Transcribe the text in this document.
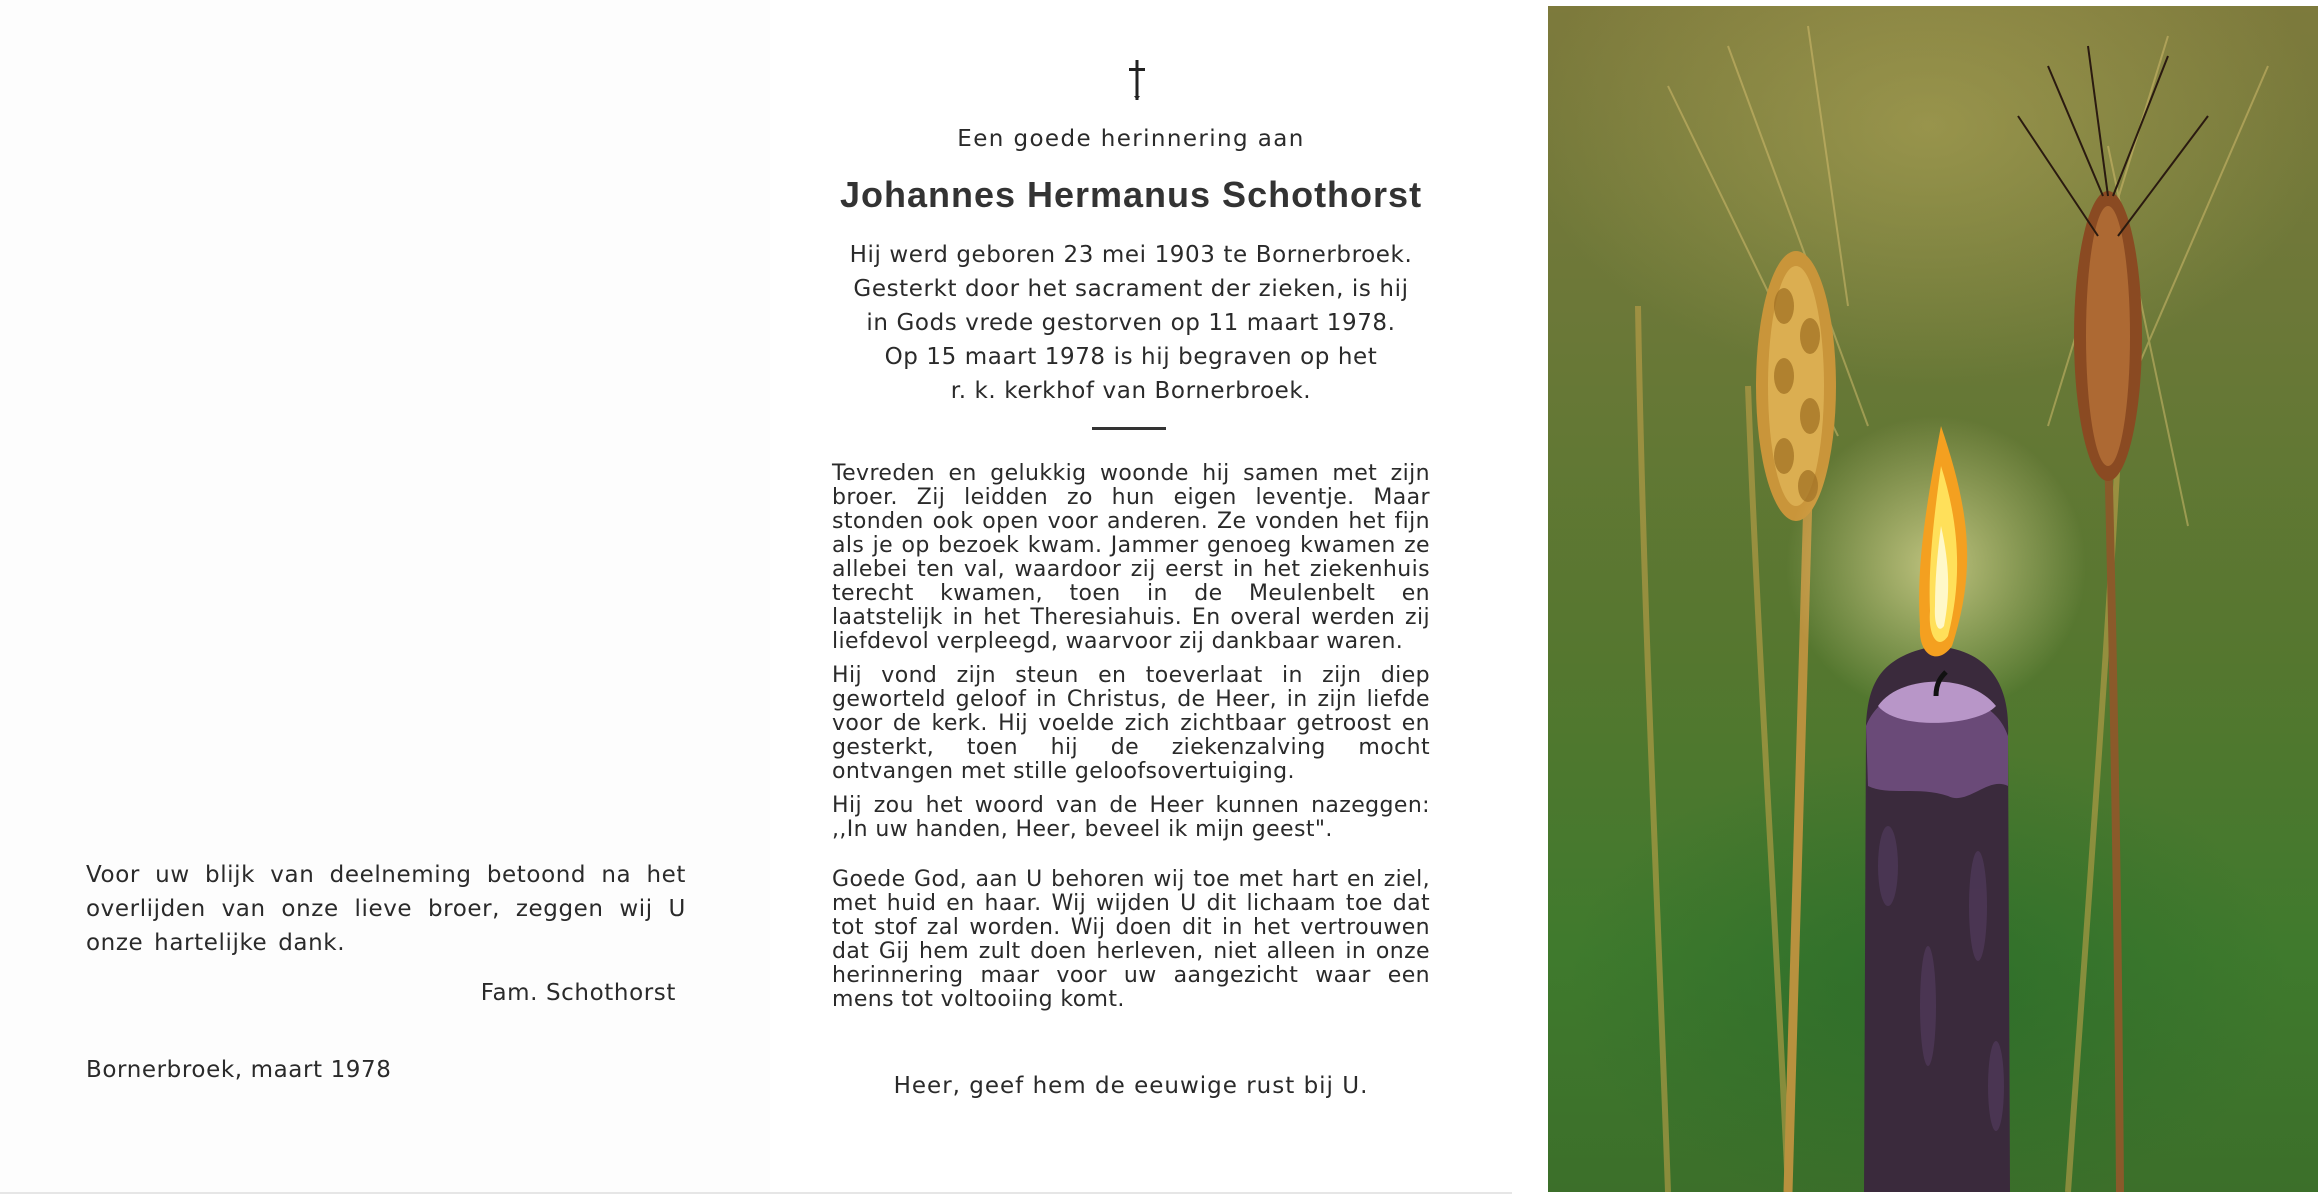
Voor uw blijk van deelneming betoond na het overlijden van onze lieve broer, zeggen wij U onze hartelijke dank.

Fam. Schothorst

Bornerbroek, maart 1978

Een goede herinnering aan

Johannes Hermanus Schothorst

Hij werd geboren 23 mei 1903 te Bornerbroek.

Gesterkt door het sacrament der zieken, is hij

in Gods vrede gestorven op 11 maart 1978.

Op 15 maart 1978 is hij begraven op het

r. k. kerkhof van Bornerbroek.

Tevreden en gelukkig woonde hij samen met zijn broer. Zij leidden zo hun eigen leventje. Maar stonden ook open voor anderen. Ze vonden het fijn als je op bezoek kwam. Jammer genoeg kwamen ze allebei ten val, waardoor zij eerst in het ziekenhuis terecht kwamen, toen in de Meulenbelt en laatstelijk in het Theresiahuis. En overal werden zij liefdevol verpleegd, waarvoor zij dankbaar waren.

Hij vond zijn steun en toeverlaat in zijn diep geworteld geloof in Christus, de Heer, in zijn liefde voor de kerk. Hij voelde zich zichtbaar getroost en gesterkt, toen hij de ziekenzalving mocht ontvangen met stille geloofsovertuiging.

Hij zou het woord van de Heer kunnen nazeggen: ,,In uw handen, Heer, beveel ik mijn geest".

Goede God, aan U behoren wij toe met hart en ziel, met huid en haar. Wij wijden U dit lichaam toe dat tot stof zal worden. Wij doen dit in het vertrouwen dat Gij hem zult doen herleven, niet alleen in onze herinnering maar voor uw aangezicht waar een mens tot voltooiing komt.

Heer, geef hem de eeuwige rust bij U.
